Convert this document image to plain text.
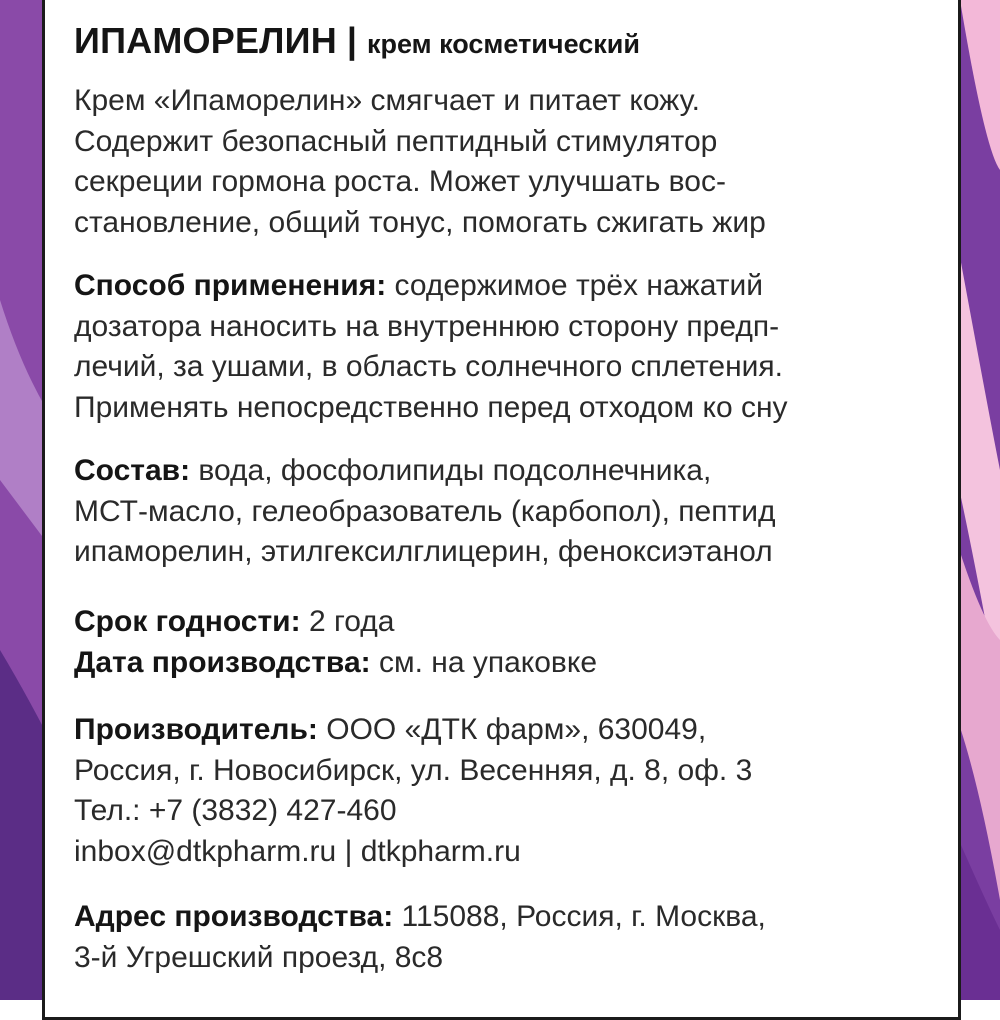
ИПАМОРЕЛИН | крем косметический
Крем «Ипаморелин» смягчает и питает кожу.
Содержит безопасный пептидный стимулятор
секреции гормона роста. Может улучшать вос-
становление, общий тонус, помогать сжигать жир
Способ применения: содержимое трёх нажатий
дозатора наносить на внутреннюю сторону предп-
лечий, за ушами, в область солнечного сплетения.
Применять непосредственно перед отходом ко сну
Состав: вода, фосфолипиды подсолнечника,
МСТ-масло, гелеобразователь (карбопол), пептид
ипаморелин, этилгексилглицерин, феноксиэтанол
Срок годности: 2 года
Дата производства: см. на упаковке
Производитель: ООО «ДТК фарм», 630049,
Россия, г. Новосибирск, ул. Весенняя, д. 8, оф. 3
Тел.: +7 (3832) 427-460
inbox@dtkpharm.ru | dtkpharm.ru
Адрес производства: 115088, Россия, г. Москва,
3-й Угрешский проезд, 8с8
